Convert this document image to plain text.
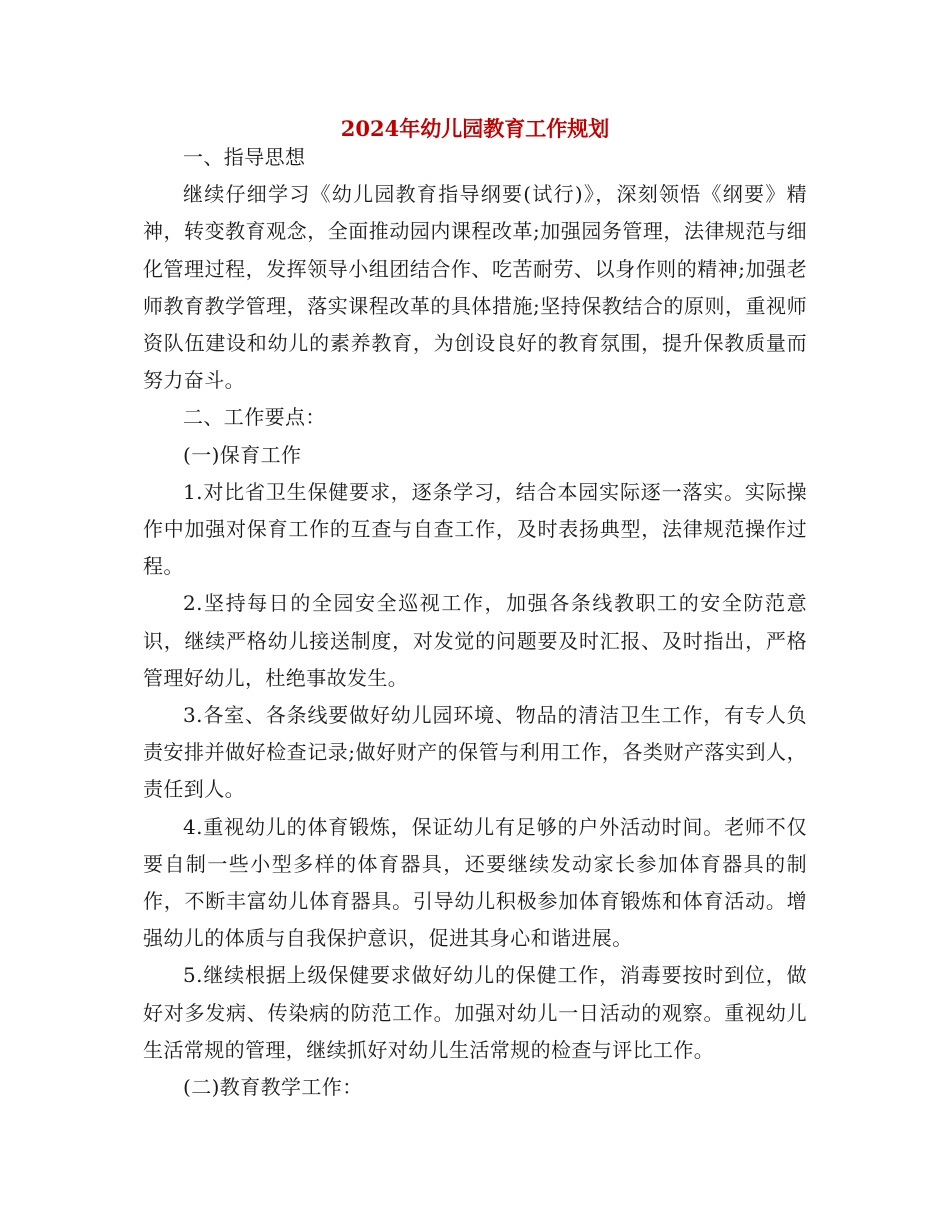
2024年幼儿园教育工作规划

一、指导思想

继续仔细学习《幼儿园教育指导纲要(试行)》，深刻领悟《纲要》精神，转变教育观念，全面推动园内课程改革;加强园务管理，法律规范与细化管理过程，发挥领导小组团结合作、吃苦耐劳、以身作则的精神;加强老师教育教学管理，落实课程改革的具体措施;坚持保教结合的原则，重视师资队伍建设和幼儿的素养教育，为创设良好的教育氛围，提升保教质量而努力奋斗。

二、工作要点：

(一)保育工作

1.对比省卫生保健要求，逐条学习，结合本园实际逐一落实。实际操作中加强对保育工作的互查与自查工作，及时表扬典型，法律规范操作过程。

2.坚持每日的全园安全巡视工作，加强各条线教职工的安全防范意识，继续严格幼儿接送制度，对发觉的问题要及时汇报、及时指出，严格管理好幼儿，杜绝事故发生。

3.各室、各条线要做好幼儿园环境、物品的清洁卫生工作，有专人负责安排并做好检查记录;做好财产的保管与利用工作，各类财产落实到人，责任到人。

4.重视幼儿的体育锻炼，保证幼儿有足够的户外活动时间。老师不仅要自制一些小型多样的体育器具，还要继续发动家长参加体育器具的制作，不断丰富幼儿体育器具。引导幼儿积极参加体育锻炼和体育活动。增强幼儿的体质与自我保护意识，促进其身心和谐进展。

5.继续根据上级保健要求做好幼儿的保健工作，消毒要按时到位，做好对多发病、传染病的防范工作。加强对幼儿一日活动的观察。重视幼儿生活常规的管理，继续抓好对幼儿生活常规的检查与评比工作。

(二)教育教学工作：
